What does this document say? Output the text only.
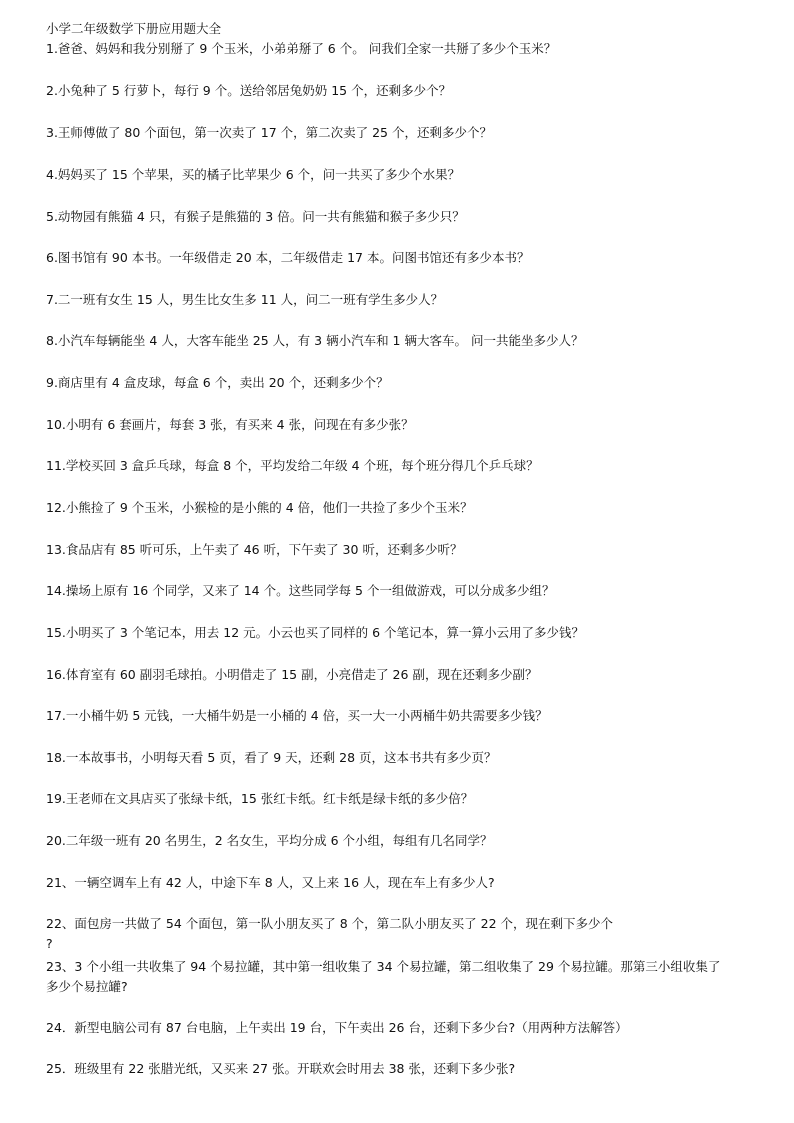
小学二年级数学下册应用题大全
1.爸爸、妈妈和我分别掰了 9 个玉米，小弟弟掰了 6 个。 问我们全家一共掰了多少个玉米？
2.小兔种了 5 行萝卜，每行 9 个。送给邻居兔奶奶 15 个，还剩多少个？
3.王师傅做了 80 个面包，第一次卖了 17 个，第二次卖了 25 个，还剩多少个？
4.妈妈买了 15 个苹果，买的橘子比苹果少 6 个，问一共买了多少个水果？
5.动物园有熊猫 4 只，有猴子是熊猫的 3 倍。问一共有熊猫和猴子多少只？
6.图书馆有 90 本书。一年级借走 20 本，二年级借走 17 本。问图书馆还有多少本书？
7.二一班有女生 15 人，男生比女生多 11 人，问二一班有学生多少人？
8.小汽车每辆能坐 4 人，大客车能坐 25 人，有 3 辆小汽车和 1 辆大客车。 问一共能坐多少人？
9.商店里有 4 盒皮球，每盒 6 个，卖出 20 个，还剩多少个？
10.小明有 6 套画片，每套 3 张，有买来 4 张，问现在有多少张？
11.学校买回 3 盒乒乓球，每盒 8 个，平均发给二年级 4 个班，每个班分得几个乒乓球？
12.小熊捡了 9 个玉米，小猴检的是小熊的 4 倍，他们一共捡了多少个玉米？
13.食品店有 85 听可乐，上午卖了 46 听，下午卖了 30 听，还剩多少听？
14.操场上原有 16 个同学，又来了 14 个。这些同学每 5 个一组做游戏，可以分成多少组？
15.小明买了 3 个笔记本，用去 12 元。小云也买了同样的 6 个笔记本，算一算小云用了多少钱？
16.体育室有 60 副羽毛球拍。小明借走了 15 副，小亮借走了 26 副，现在还剩多少副？
17.一小桶牛奶 5 元钱，一大桶牛奶是一小桶的 4 倍，买一大一小两桶牛奶共需要多少钱？
18.一本故事书，小明每天看 5 页，看了 9 天，还剩 28 页，这本书共有多少页？
19.王老师在文具店买了张绿卡纸，15 张红卡纸。红卡纸是绿卡纸的多少倍？
20.二年级一班有 20 名男生，2 名女生，平均分成 6 个小组，每组有几名同学？
21、一辆空调车上有 42 人，中途下车 8 人，又上来 16 人，现在车上有多少人?
22、面包房一共做了 54 个面包，第一队小朋友买了 8 个，第二队小朋友买了 22 个，现在剩下多少个
?
23、3 个小组一共收集了 94 个易拉罐，其中第一组收集了 34 个易拉罐，第二组收集了 29 个易拉罐。那第三小组收集了
多少个易拉罐?
24．新型电脑公司有 87 台电脑，上午卖出 19 台，下午卖出 26 台，还剩下多少台?（用两种方法解答）
25．班级里有 22 张腊光纸，又买来 27 张。开联欢会时用去 38 张，还剩下多少张?
